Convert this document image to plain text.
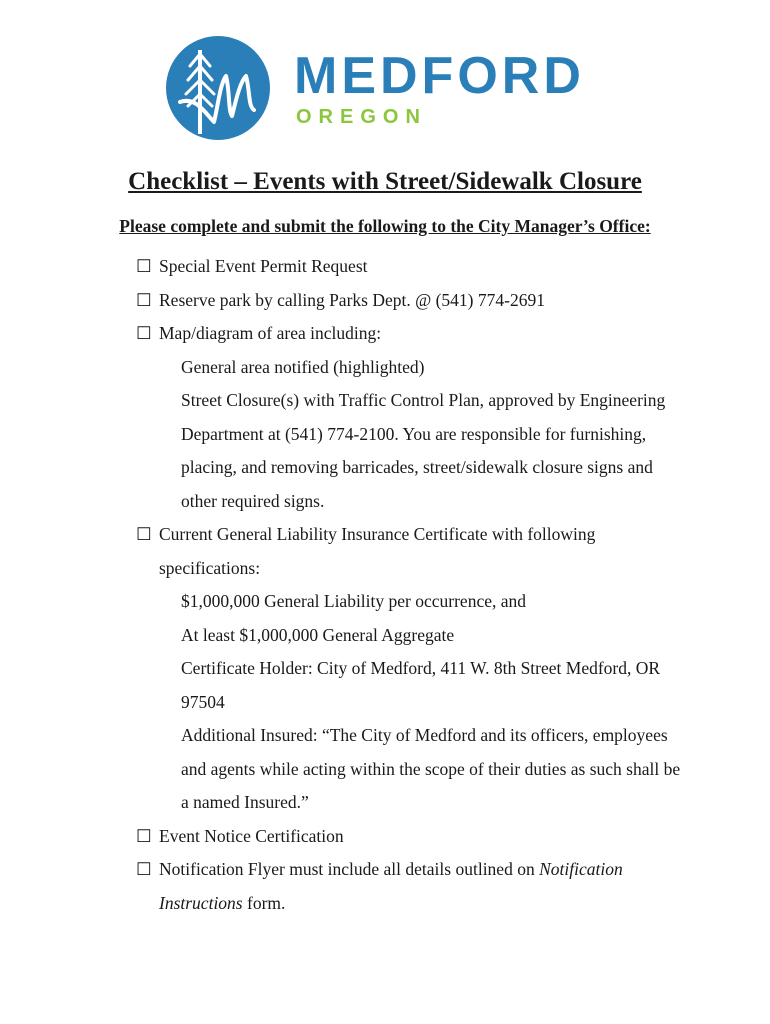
MEDFORD
OREGON
Checklist – Events with Street/Sidewalk Closure
Please complete and submit the following to the City Manager’s Office:
☐ Special Event Permit Request
☐ Reserve park by calling Parks Dept. @ (541) 774-2691
☐ Map/diagram of area including:
General area notified (highlighted)
Street Closure(s) with Traffic Control Plan, approved by Engineering Department at (541) 774-2100. You are responsible for furnishing, placing, and removing barricades, street/sidewalk closure signs and other required signs.
☐ Current General Liability Insurance Certificate with following specifications:
$1,000,000 General Liability per occurrence, and
At least $1,000,000 General Aggregate
Certificate Holder: City of Medford, 411 W. 8th Street Medford, OR 97504
Additional Insured: “The City of Medford and its officers, employees and agents while acting within the scope of their duties as such shall be a named Insured.”
☐ Event Notice Certification
☐ Notification Flyer must include all details outlined on Notification Instructions form.
